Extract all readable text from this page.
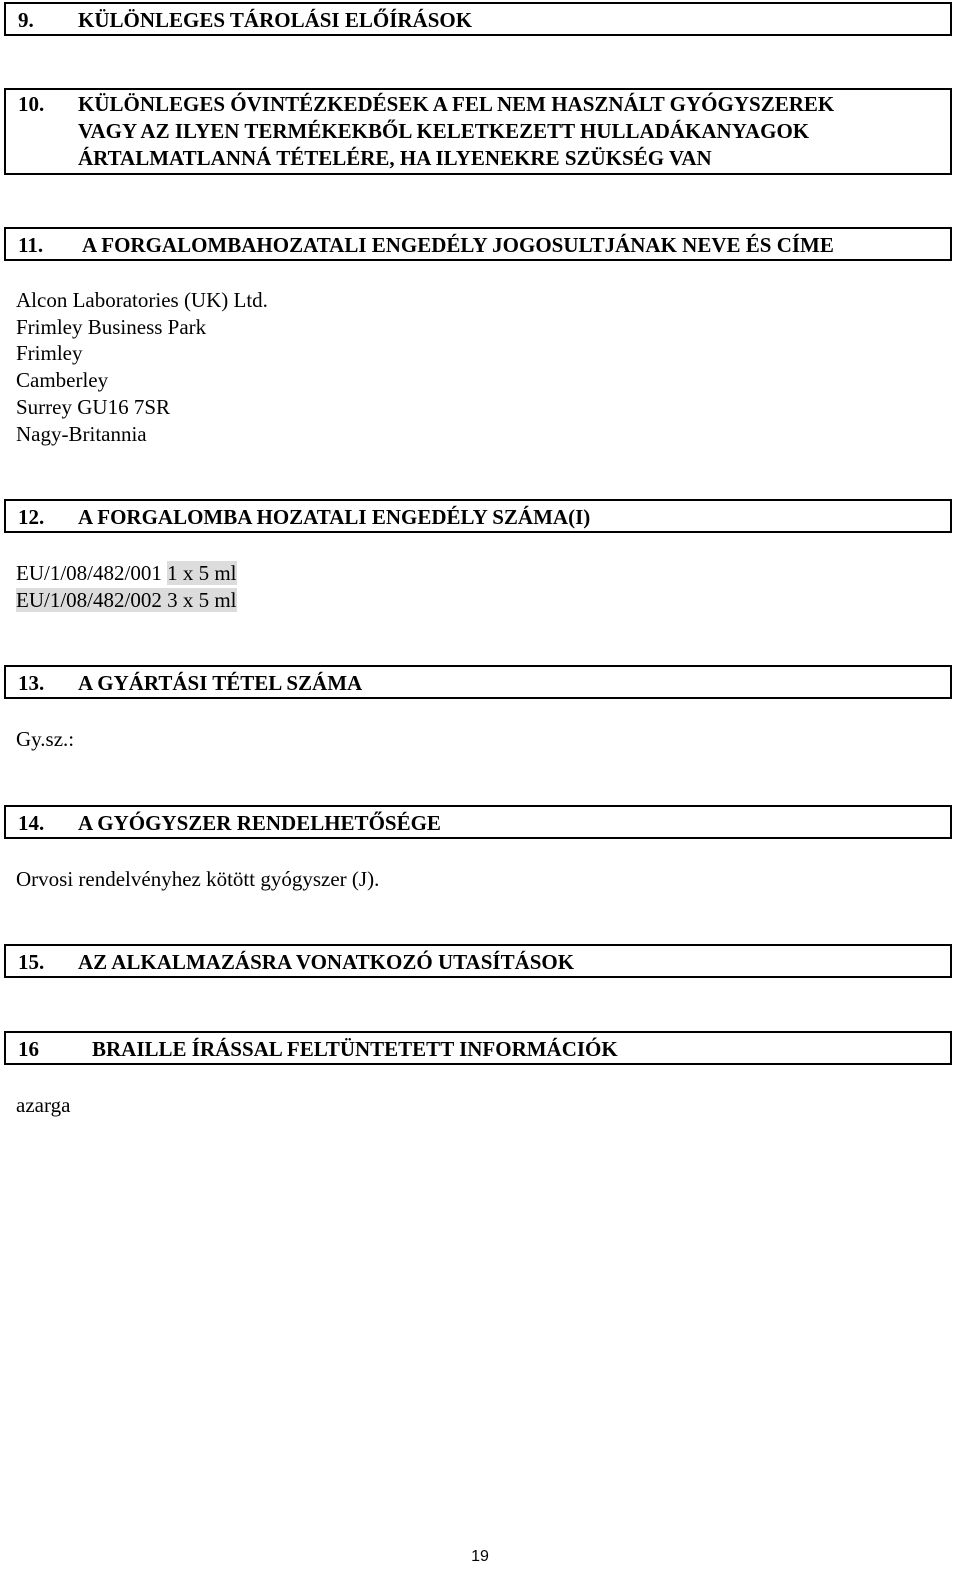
9. KÜLÖNLEGES TÁROLÁSI ELŐÍRÁSOK
10. KÜLÖNLEGES ÓVINTÉZKEDÉSEK A FEL NEM HASZNÁLT GYÓGYSZEREK
VAGY AZ ILYEN TERMÉKEKBŐL KELETKEZETT HULLADÁKANYAGOK
ÁRTALMATLANNÁ TÉTELÉRE, HA ILYENEKRE SZÜKSÉG VAN
11. A FORGALOMBAHOZATALI ENGEDÉLY JOGOSULTJÁNAK NEVE ÉS CÍME
Alcon Laboratories (UK) Ltd.
Frimley Business Park
Frimley
Camberley
Surrey GU16 7SR
Nagy-Britannia
12. A FORGALOMBA HOZATALI ENGEDÉLY SZÁMA(I)
EU/1/08/482/001 1 x 5 ml
EU/1/08/482/002 3 x 5 ml
13. A GYÁRTÁSI TÉTEL SZÁMA
Gy.sz.:
14. A GYÓGYSZER RENDELHETŐSÉGE
Orvosi rendelvényhez kötött gyógyszer (J).
15. AZ ALKALMAZÁSRA VONATKOZÓ UTASÍTÁSOK
16	BRAILLE ÍRÁSSAL FELTÜNTETETT INFORMÁCIÓK
azarga
19
